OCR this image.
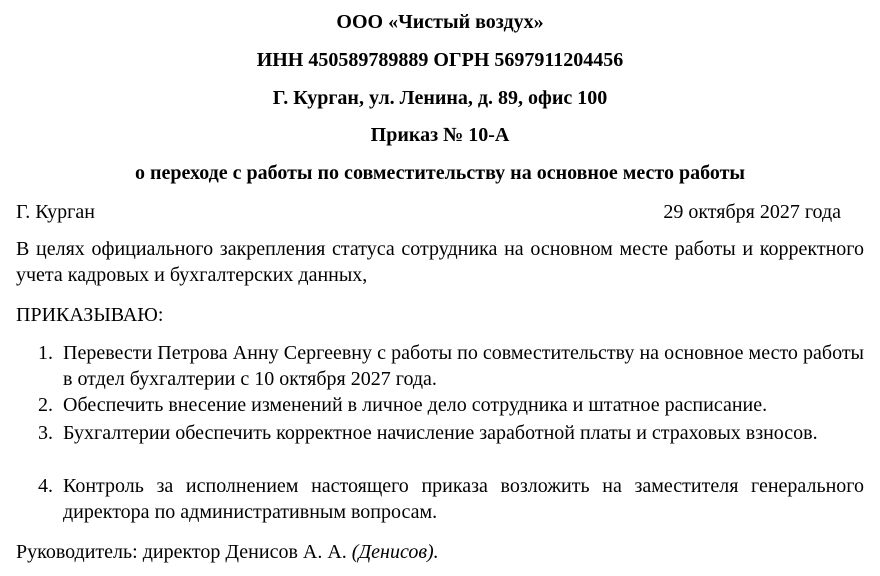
ООО «Чистый воздух»
ИНН 450589789889 ОГРН 5697911204456
Г. Курган, ул. Ленина, д. 89, офис 100
Приказ № 10-А
о переходе с работы по совместительству на основное место работы
Г. Курган	29 октября 2027 года
В целях официального закрепления статуса сотрудника на основном месте работы и корректного учета кадровых и бухгалтерских данных,
ПРИКАЗЫВАЮ:
1. Перевести Петрова Анну Сергеевну с работы по совместительству на основное место работы в отдел бухгалтерии с 10 октября 2027 года.
2. Обеспечить внесение изменений в личное дело сотрудника и штатное расписание.
3. Бухгалтерии обеспечить корректное начисление заработной платы и страховых взносов.
4. Контроль за исполнением настоящего приказа возложить на заместителя генерального директора по административным вопросам.
Руководитель: директор Денисов А. А. (Денисов).
